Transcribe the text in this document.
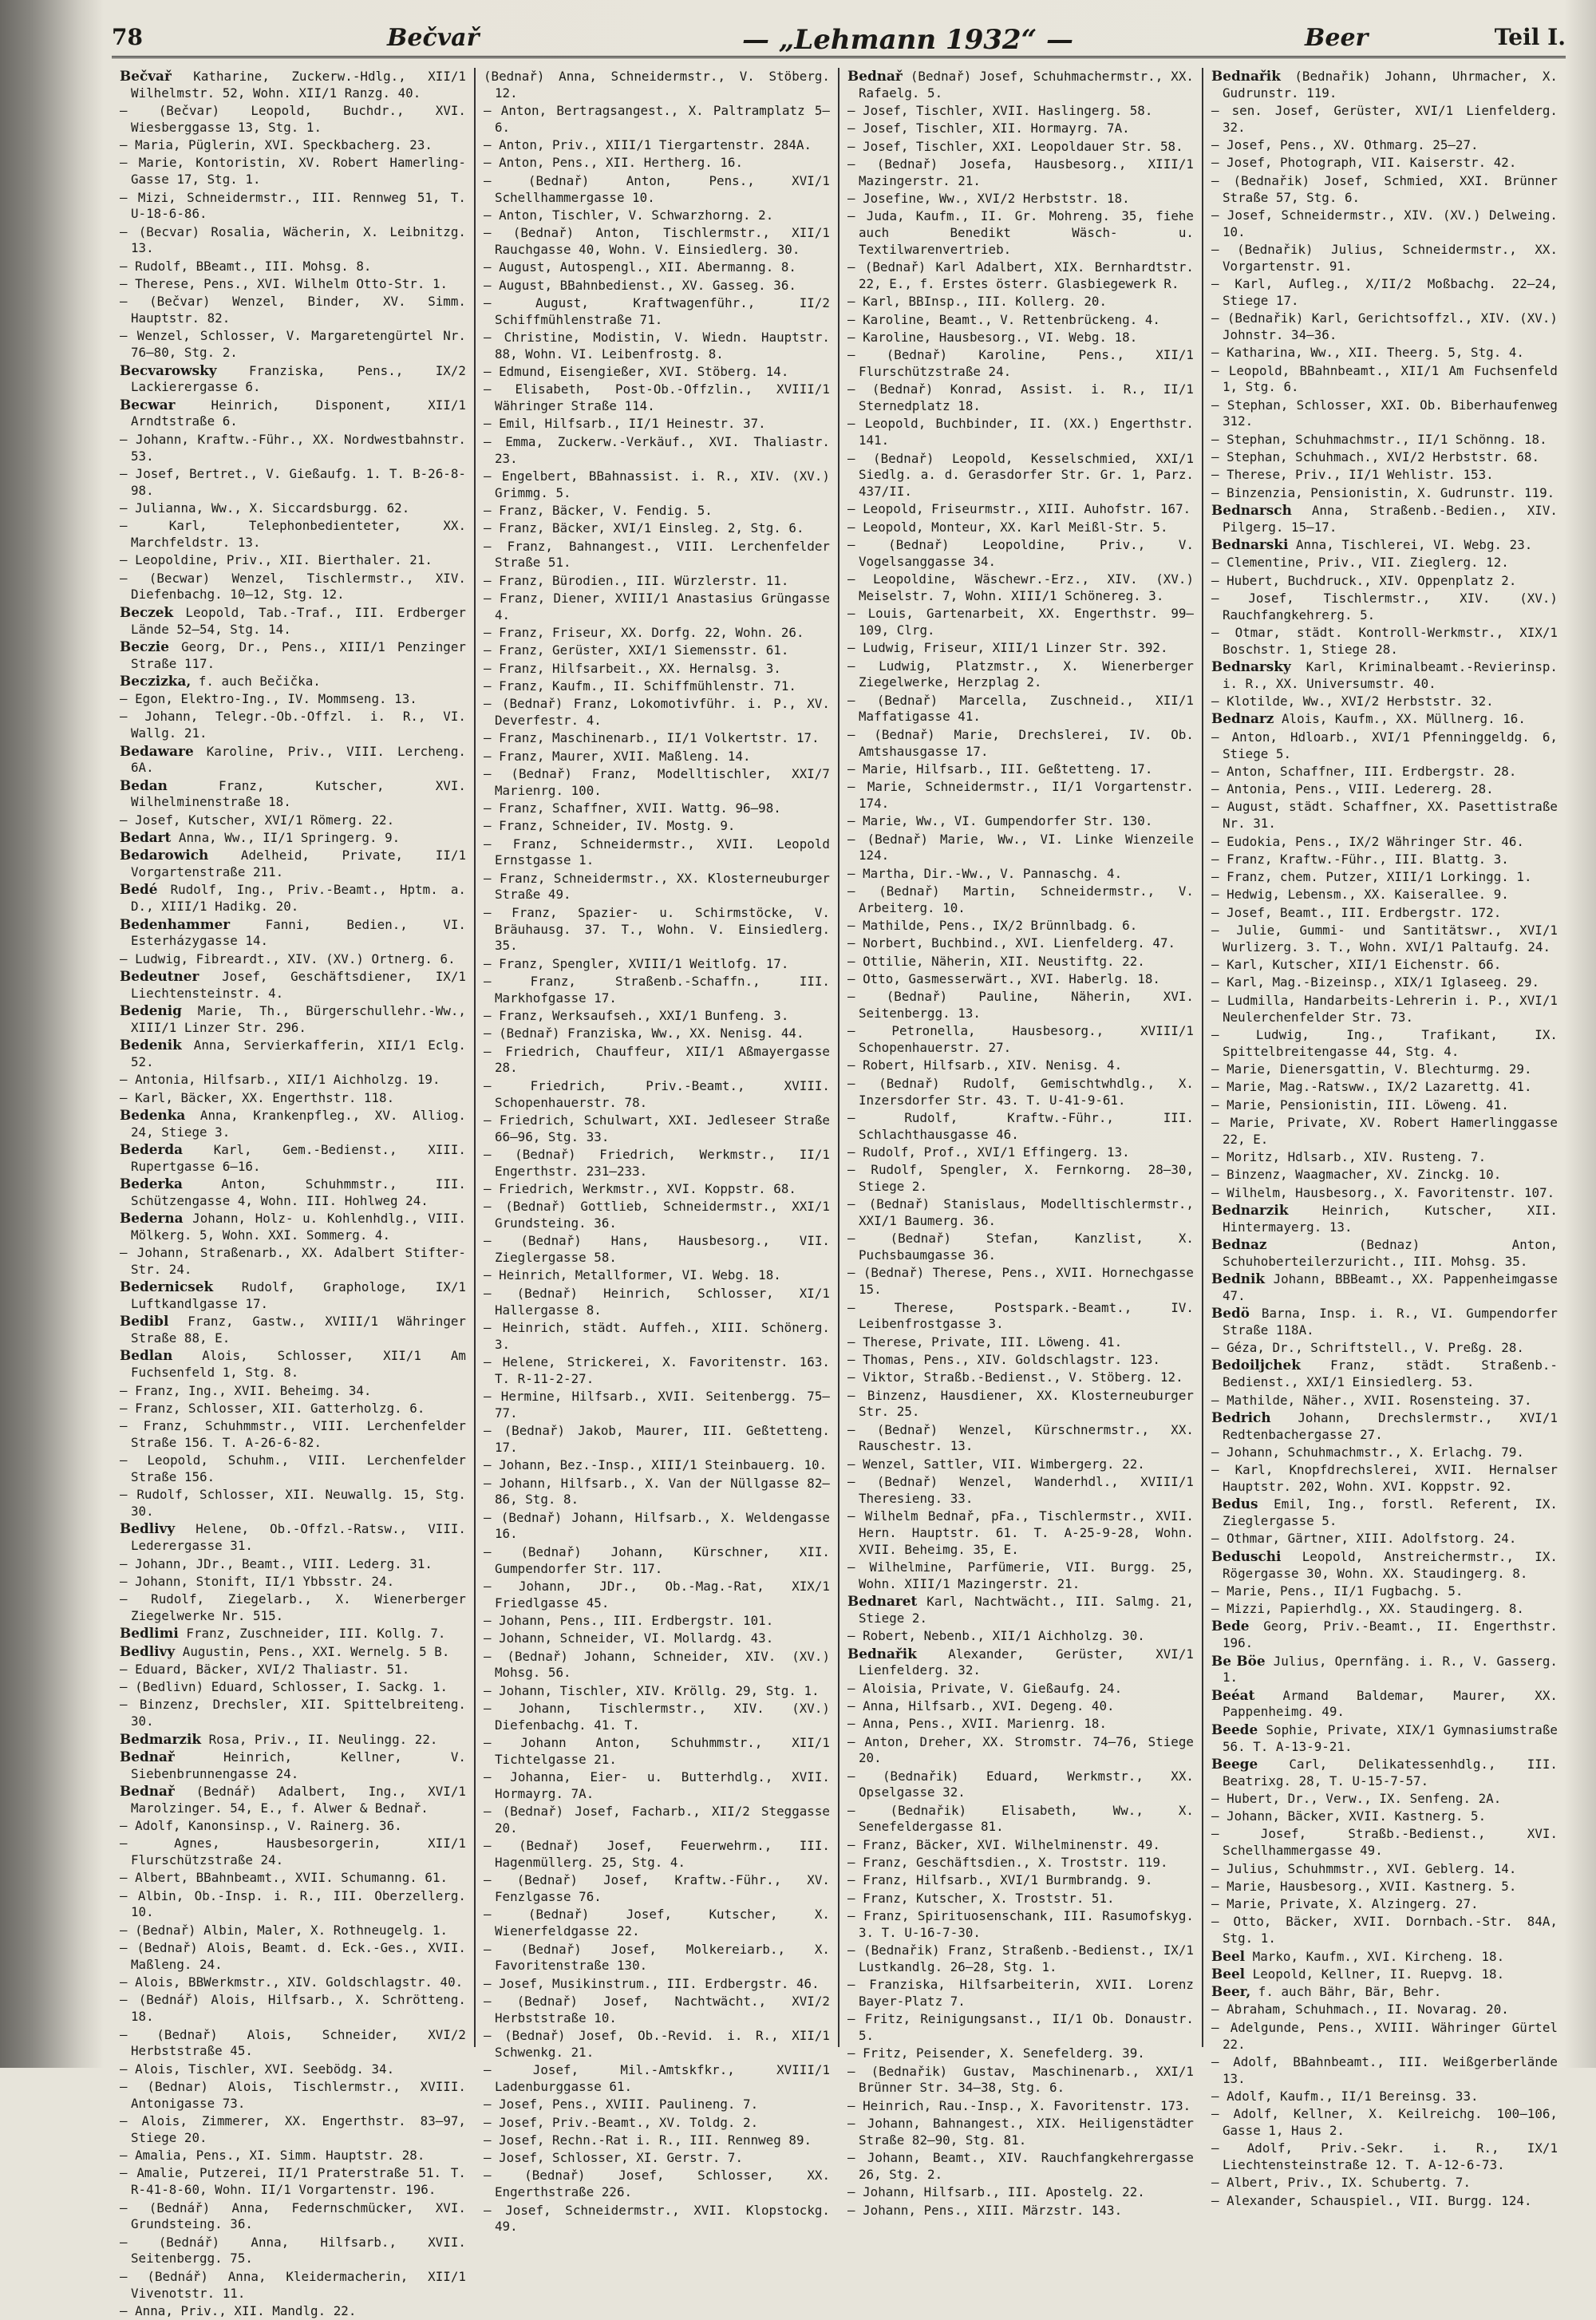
78	Bečvař	— „Lehmann 1932“ —	Beer	Teil I.

Bečvař Katharine, Zuckerw.-Hdlg., XII/1 Wilhelmstr. 52, Wohn. XII/1 Ranzg. 40.

— (Bečvar) Leopold, Buchdr., XVI. Wiesberggasse 13, Stg. 1.

— Maria, Püglerin, XVI. Speckbacherg. 23.

— Marie, Kontoristin, XV. Robert Hamerling-Gasse 17, Stg. 1.

— Mizi, Schneidermstr., III. Rennweg 51, T. U-18-6-86.

— (Becvar) Rosalia, Wächerin, X. Leibnitzg. 13.

— Rudolf, BBeamt., III. Mohsg. 8.

— Therese, Pens., XVI. Wilhelm Otto-Str. 1.

— (Bečvar) Wenzel, Binder, XV. Simm. Hauptstr. 82.

— Wenzel, Schlosser, V. Margaretengürtel Nr. 76—80, Stg. 2.

Becvarowsky Franziska, Pens., IX/2 Lackierergasse 6.

Becwar Heinrich, Disponent, XII/1 Arndtstraße 6.

— Johann, Kraftw.-Führ., XX. Nordwestbahnstr. 53.

— Josef, Bertret., V. Gießaufg. 1. T. B-26-8-98.

— Julianna, Ww., X. Siccardsburgg. 62.

— Karl, Telephonbedienteter, XX. Marchfeldstr. 13.

— Leopoldine, Priv., XII. Bierthaler. 21.

— (Becwar) Wenzel, Tischlermstr., XIV. Diefenbachg. 10—12, Stg. 12.

Beczek Leopold, Tab.-Traf., III. Erdberger Lände 52—54, Stg. 14.

Beczie Georg, Dr., Pens., XIII/1 Penzinger Straße 117.

Beczizka, f. auch Bečička.

— Egon, Elektro-Ing., IV. Mommseng. 13.

— Johann, Telegr.-Ob.-Offzl. i. R., VI. Wallg. 21.

Bedaware Karoline, Priv., VIII. Lercheng. 6A.

Bedan Franz, Kutscher, XVI. Wilhelminenstraße 18.

— Josef, Kutscher, XVI/1 Römerg. 22.

Bedart Anna, Ww., II/1 Springerg. 9.

Bedarowich Adelheid, Private, II/1 Vorgartenstraße 211.

Bedé Rudolf, Ing., Priv.-Beamt., Hptm. a. D., XIII/1 Hadikg. 20.

Bedenhammer Fanni, Bedien., VI. Esterházygasse 14.

— Ludwig, Fibreardt., XIV. (XV.) Ortnerg. 6.

Bedeutner Josef, Geschäftsdiener, IX/1 Liechtensteinstr. 4.

Bedenig Marie, Th., Bürgerschullehr.-Ww., XIII/1 Linzer Str. 296.

Bedenik Anna, Servierkafferin, XII/1 Eclg. 52.

— Antonia, Hilfsarb., XII/1 Aichholzg. 19.

— Karl, Bäcker, XX. Engerthstr. 118.

Bedenka Anna, Krankenpfleg., XV. Alliog. 24, Stiege 3.

Bederda Karl, Gem.-Bedienst., XIII. Rupertgasse 6—16.

Bederka Anton, Schuhmmstr., III. Schützengasse 4, Wohn. III. Hohlweg 24.

Bederna Johann, Holz- u. Kohlenhdlg., VIII. Mölkerg. 5, Wohn. XXI. Sommerg. 4.

— Johann, Straßenarb., XX. Adalbert Stifter-Str. 24.

Bedernicsek Rudolf, Graphologe, IX/1 Luftkandlgasse 17.

Bedibl Franz, Gastw., XVIII/1 Währinger Straße 88, E.

Bedlan Alois, Schlosser, XII/1 Am Fuchsenfeld 1, Stg. 8.

— Franz, Ing., XVII. Beheimg. 34.

— Franz, Schlosser, XII. Gatterholzg. 6.

— Franz, Schuhmmstr., VIII. Lerchenfelder Straße 156. T. A-26-6-82.

— Leopold, Schuhm., VIII. Lerchenfelder Straße 156.

— Rudolf, Schlosser, XII. Neuwallg. 15, Stg. 30.

Bedlivy Helene, Ob.-Offzl.-Ratsw., VIII. Lederergasse 31.

— Johann, JDr., Beamt., VIII. Lederg. 31.

— Johann, Stonift, II/1 Ybbsstr. 24.

— Rudolf, Ziegelarb., X. Wienerberger Ziegelwerke Nr. 515.

Bedlimi Franz, Zuschneider, III. Kollg. 7.

Bedlivy Augustin, Pens., XXI. Wernelg. 5 B.

— Eduard, Bäcker, XVI/2 Thaliastr. 51.

— (Bedlivn) Eduard, Schlosser, I. Sackg. 1.

— Binzenz, Drechsler, XII. Spittelbreiteng. 30.

Bedmarzik Rosa, Priv., II. Neulingg. 22.

Bednař Heinrich, Kellner, V. Siebenbrunnengasse 24.

Bednař (Bednář) Adalbert, Ing., XVI/1 Marolzinger. 54, E., f. Alwer & Bednař.

— Adolf, Kanonsinsp., V. Rainerg. 36.

— Agnes, Hausbesorgerin, XII/1 Flurschützstraße 24.

— Albert, BBahnbeamt., XVII. Schumanng. 61.

— Albin, Ob.-Insp. i. R., III. Oberzellerg. 10.

— (Bednař) Albin, Maler, X. Rothneugelg. 1.

— (Bednař) Alois, Beamt. d. Eck.-Ges., XVII. Maßleng. 24.

— Alois, BBWerkmstr., XIV. Goldschlagstr. 40.

— (Bednář) Alois, Hilfsarb., X. Schrötteng. 18.

— (Bednař) Alois, Schneider, XVI/2 Herbststraße 45.

— Alois, Tischler, XVI. Seebödg. 34.

— (Bednar) Alois, Tischlermstr., XVIII. Antonigasse 73.

— Alois, Zimmerer, XX. Engerthstr. 83—97, Stiege 20.

— Amalia, Pens., XI. Simm. Hauptstr. 28.

— Amalie, Putzerei, II/1 Praterstraße 51. T. R-41-8-60, Wohn. II/1 Vorgartenstr. 196.

— (Bednář) Anna, Federnschmücker, XVI. Grundsteing. 36.

— (Bednář) Anna, Hilfsarb., XVII. Seitenbergg. 75.

— (Bednář) Anna, Kleidermacherin, XII/1 Vivenotstr. 11.

— Anna, Priv., XII. Mandlg. 22.

(Bednař) Anna, Schneidermstr., V. Stöberg. 12.

— Anton, Bertragsangest., X. Paltramplatz 5—6.

— Anton, Priv., XIII/1 Tiergartenstr. 284A.

— Anton, Pens., XII. Hertherg. 16.

— (Bednař) Anton, Pens., XVI/1 Schellhammergasse 10.

— Anton, Tischler, V. Schwarzhorng. 2.

— (Bednař) Anton, Tischlermstr., XII/1 Rauchgasse 40, Wohn. V. Einsiedlerg. 30.

— August, Autospengl., XII. Abermanng. 8.

— August, BBahnbedienst., XV. Gasseg. 36.

— August, Kraftwagenführ., II/2 Schiffmühlenstraße 71.

— Christine, Modistin, V. Wiedn. Hauptstr. 88, Wohn. VI. Leibenfrostg. 8.

— Edmund, Eisengießer, XVI. Stöberg. 14.

— Elisabeth, Post-Ob.-Offzlin., XVIII/1 Währinger Straße 114.

— Emil, Hilfsarb., II/1 Heinestr. 37.

— Emma, Zuckerw.-Verkäuf., XVI. Thaliastr. 23.

— Engelbert, BBahnassist. i. R., XIV. (XV.) Grimmg. 5.

— Franz, Bäcker, V. Fendig. 5.

— Franz, Bäcker, XVI/1 Einsleg. 2, Stg. 6.

— Franz, Bahnangest., VIII. Lerchenfelder Straße 51.

— Franz, Bürodien., III. Würzlerstr. 11.

— Franz, Diener, XVIII/1 Anastasius Grüngasse 4.

— Franz, Friseur, XX. Dorfg. 22, Wohn. 26.

— Franz, Gerüster, XXI/1 Siemensstr. 61.

— Franz, Hilfsarbeit., XX. Hernalsg. 3.

— Franz, Kaufm., II. Schiffmühlenstr. 71.

— (Bednař) Franz, Lokomotivführ. i. P., XV. Deverfestr. 4.

— Franz, Maschinenarb., II/1 Volkertstr. 17.

— Franz, Maurer, XVII. Maßleng. 14.

— (Bednař) Franz, Modelltischler, XXI/7 Marienrg. 100.

— Franz, Schaffner, XVII. Wattg. 96—98.

— Franz, Schneider, IV. Mostg. 9.

— Franz, Schneidermstr., XVII. Leopold Ernstgasse 1.

— Franz, Schneidermstr., XX. Klosterneuburger Straße 49.

— Franz, Spazier- u. Schirmstöcke, V. Bräuhausg. 37. T., Wohn. V. Einsiedlerg. 35.

— Franz, Spengler, XVIII/1 Weitlofg. 17.

— Franz, Straßenb.-Schaffn., III. Markhofgasse 17.

— Franz, Werksaufseh., XXI/1 Bunfeng. 3.

— (Bednař) Franziska, Ww., XX. Nenisg. 44.

— Friedrich, Chauffeur, XII/1 Aßmayergasse 28.

— Friedrich, Priv.-Beamt., XVIII. Schopenhauerstr. 78.

— Friedrich, Schulwart, XXI. Jedleseer Straße 66—96, Stg. 33.

— (Bednař) Friedrich, Werkmstr., II/1 Engerthstr. 231—233.

— Friedrich, Werkmstr., XVI. Koppstr. 68.

— (Bednař) Gottlieb, Schneidermstr., XXI/1 Grundsteing. 36.

— (Bednař) Hans, Hausbesorg., VII. Zieglergasse 58.

— Heinrich, Metallformer, VI. Webg. 18.

— (Bednař) Heinrich, Schlosser, XI/1 Hallergasse 8.

— Heinrich, städt. Auffeh., XIII. Schönerg. 3.

— Helene, Strickerei, X. Favoritenstr. 163. T. R-11-2-27.

— Hermine, Hilfsarb., XVII. Seitenbergg. 75—77.

— (Bednař) Jakob, Maurer, III. Geßtetteng. 17.

— Johann, Bez.-Insp., XIII/1 Steinbauerg. 10.

— Johann, Hilfsarb., X. Van der Nüllgasse 82—86, Stg. 8.

— (Bednař) Johann, Hilfsarb., X. Weldengasse 16.

— (Bednař) Johann, Kürschner, XII. Gumpendorfer Str. 117.

— Johann, JDr., Ob.-Mag.-Rat, XIX/1 Friedlgasse 45.

— Johann, Pens., III. Erdbergstr. 101.

— Johann, Schneider, VI. Mollardg. 43.

— (Bednař) Johann, Schneider, XIV. (XV.) Mohsg. 56.

— Johann, Tischler, XIV. Kröllg. 29, Stg. 1.

— Johann, Tischlermstr., XIV. (XV.) Diefenbachg. 41. T.

— Johann Anton, Schuhmmstr., XII/1 Tichtelgasse 21.

— Johanna, Eier- u. Butterhdlg., XVII. Hormayrg. 7A.

— (Bednař) Josef, Facharb., XII/2 Steggasse 20.

— (Bednař) Josef, Feuerwehrm., III. Hagenmüllerg. 25, Stg. 4.

— (Bednař) Josef, Kraftw.-Führ., XV. Fenzlgasse 76.

— (Bednař) Josef, Kutscher, X. Wienerfeldgasse 22.

— (Bednař) Josef, Molkereiarb., X. Favoritenstraße 130.

— Josef, Musikinstrum., III. Erdbergstr. 46.

— (Bednař) Josef, Nachtwächt., XVI/2 Herbststraße 10.

— (Bednař) Josef, Ob.-Revid. i. R., XII/1 Schwenkg. 21.

— Josef, Mil.-Amtskfkr., XVIII/1 Ladenburggasse 61.

— Josef, Pens., XVIII. Paulineng. 7.

— Josef, Priv.-Beamt., XV. Toldg. 2.

— Josef, Rechn.-Rat i. R., III. Rennweg 89.

— Josef, Schlosser, XI. Gerstr. 7.

— (Bednař) Josef, Schlosser, XX. Engerthstraße 226.

— Josef, Schneidermstr., XVII. Klopstockg. 49.

Bednař (Bednař) Josef, Schuhmachermstr., XX. Rafaelg. 5.

— Josef, Tischler, XVII. Haslingerg. 58.

— Josef, Tischler, XII. Hormayrg. 7A.

— Josef, Tischler, XXI. Leopoldauer Str. 58.

— (Bednař) Josefa, Hausbesorg., XIII/1 Mazingerstr. 21.

— Josefine, Ww., XVI/2 Herbststr. 18.

— Juda, Kaufm., II. Gr. Mohreng. 35, fiehe auch Benedikt Wäsch- u. Textilwarenvertrieb.

— (Bednař) Karl Adalbert, XIX. Bernhardtstr. 22, E., f. Erstes österr. Glasbiegewerk R.

— Karl, BBInsp., III. Kollerg. 20.

— Karoline, Beamt., V. Rettenbrückeng. 4.

— Karoline, Hausbesorg., VI. Webg. 18.

— (Bednař) Karoline, Pens., XII/1 Flurschützstraße 24.

— (Bednař) Konrad, Assist. i. R., II/1 Sternedplatz 18.

— Leopold, Buchbinder, II. (XX.) Engerthstr. 141.

— (Bednař) Leopold, Kesselschmied, XXI/1 Siedlg. a. d. Gerasdorfer Str. Gr. 1, Parz. 437/II.

— Leopold, Friseurmstr., XIII. Auhofstr. 167.

— Leopold, Monteur, XX. Karl Meißl-Str. 5.

— (Bednař) Leopoldine, Priv., V. Vogelsanggasse 34.

— Leopoldine, Wäschewr.-Erz., XIV. (XV.) Meiselstr. 7, Wohn. XIII/1 Schönereg. 3.

— Louis, Gartenarbeit, XX. Engerthstr. 99—109, Clrg.

— Ludwig, Friseur, XIII/1 Linzer Str. 392.

— Ludwig, Platzmstr., X. Wienerberger Ziegelwerke, Herzplag 2.

— (Bednař) Marcella, Zuschneid., XII/1 Maffatigasse 41.

— (Bednař) Marie, Drechslerei, IV. Ob. Amtshausgasse 17.

— Marie, Hilfsarb., III. Geßtetteng. 17.

— Marie, Schneidermstr., II/1 Vorgartenstr. 174.

— Marie, Ww., VI. Gumpendorfer Str. 130.

— (Bednař) Marie, Ww., VI. Linke Wienzeile 124.

— Martha, Dir.-Ww., V. Pannaschg. 4.

— (Bednař) Martin, Schneidermstr., V. Arbeiterg. 10.

— Mathilde, Pens., IX/2 Brünnlbadg. 6.

— Norbert, Buchbind., XVI. Lienfelderg. 47.

— Ottilie, Näherin, XII. Neustiftg. 22.

— Otto, Gasmesserwärt., XVI. Haberlg. 18.

— (Bednař) Pauline, Näherin, XVI. Seitenbergg. 13.

— Petronella, Hausbesorg., XVIII/1 Schopenhauerstr. 27.

— Robert, Hilfsarb., XIV. Nenisg. 4.

— (Bednař) Rudolf, Gemischtwhdlg., X. Inzersdorfer Str. 43. T. U-41-9-61.

— Rudolf, Kraftw.-Führ., III. Schlachthausgasse 46.

— Rudolf, Prof., XVI/1 Effingerg. 13.

— Rudolf, Spengler, X. Fernkorng. 28—30, Stiege 2.

— (Bednař) Stanislaus, Modelltischlermstr., XXI/1 Baumerg. 36.

— (Bednař) Stefan, Kanzlist, X. Puchsbaumgasse 36.

— (Bednař) Therese, Pens., XVII. Hornechgasse 15.

— Therese, Postspark.-Beamt., IV. Leibenfrostgasse 3.

— Therese, Private, III. Löweng. 41.

— Thomas, Pens., XIV. Goldschlagstr. 123.

— Viktor, Straßb.-Bedienst., V. Stöberg. 12.

— Binzenz, Hausdiener, XX. Klosterneuburger Str. 25.

— (Bednař) Wenzel, Kürschnermstr., XX. Rauschestr. 13.

— Wenzel, Sattler, VII. Wimbergerg. 22.

— (Bednař) Wenzel, Wanderhdl., XVIII/1 Theresieng. 33.

— Wilhelm Bednař, pFa., Tischlermstr., XVII. Hern. Hauptstr. 61. T. A-25-9-28, Wohn. XVII. Beheimg. 35, E.

— Wilhelmine, Parfümerie, VII. Burgg. 25, Wohn. XIII/1 Mazingerstr. 21.

Bednaret Karl, Nachtwächt., III. Salmg. 21, Stiege 2.

— Robert, Nebenb., XII/1 Aichholzg. 30.

Bednařik Alexander, Gerüster, XVI/1 Lienfelderg. 32.

— Aloisia, Private, V. Gießaufg. 24.

— Anna, Hilfsarb., XVI. Degeng. 40.

— Anna, Pens., XVII. Marienrg. 18.

— Anton, Dreher, XX. Stromstr. 74—76, Stiege 20.

— (Bednařik) Eduard, Werkmstr., XX. Opselgasse 32.

— (Bednařik) Elisabeth, Ww., X. Senefeldergasse 81.

— Franz, Bäcker, XVI. Wilhelminenstr. 49.

— Franz, Geschäftsdien., X. Troststr. 119.

— Franz, Hilfsarb., XVI/1 Burmbrandg. 9.

— Franz, Kutscher, X. Troststr. 51.

— Franz, Spirituosenschank, III. Rasumofskyg. 3. T. U-16-7-30.

— (Bednařik) Franz, Straßenb.-Bedienst., IX/1 Lustkandlg. 26—28, Stg. 1.

— Franziska, Hilfsarbeiterin, XVII. Lorenz Bayer-Platz 7.

— Fritz, Reinigungsanst., II/1 Ob. Donaustr. 5.

— Fritz, Peisender, X. Senefelderg. 39.

— (Bednařik) Gustav, Maschinenarb., XXI/1 Brünner Str. 34—38, Stg. 6.

— Heinrich, Rau.-Insp., X. Favoritenstr. 173.

— Johann, Bahnangest., XIX. Heiligenstädter Straße 82—90, Stg. 81.

— Johann, Beamt., XIV. Rauchfangkehrergasse 26, Stg. 2.

— Johann, Hilfsarb., III. Apostelg. 22.

— Johann, Pens., XIII. Märzstr. 143.

Bednařik (Bednařik) Johann, Uhrmacher, X. Gudrunstr. 119.

— sen. Josef, Gerüster, XVI/1 Lienfelderg. 32.

— Josef, Pens., XV. Othmarg. 25—27.

— Josef, Photograph, VII. Kaiserstr. 42.

— (Bednařik) Josef, Schmied, XXI. Brünner Straße 57, Stg. 6.

— Josef, Schneidermstr., XIV. (XV.) Delweing. 10.

— (Bednařik) Julius, Schneidermstr., XX. Vorgartenstr. 91.

— Karl, Aufleg., X/II/2 Moßbachg. 22—24, Stiege 17.

— (Bednařik) Karl, Gerichtsoffzl., XIV. (XV.) Johnstr. 34—36.

— Katharina, Ww., XII. Theerg. 5, Stg. 4.

— Leopold, BBahnbeamt., XII/1 Am Fuchsenfeld 1, Stg. 6.

— Stephan, Schlosser, XXI. Ob. Biberhaufenweg 312.

— Stephan, Schuhmachmstr., II/1 Schönng. 18.

— Stephan, Schuhmach., XVI/2 Herbststr. 68.

— Therese, Priv., II/1 Wehlistr. 153.

— Binzenzia, Pensionistin, X. Gudrunstr. 119.

Bednarsch Anna, Straßenb.-Bedien., XIV. Pilgerg. 15—17.

Bednarski Anna, Tischlerei, VI. Webg. 23.

— Clementine, Priv., VII. Zieglerg. 12.

— Hubert, Buchdruck., XIV. Oppenplatz 2.

— Josef, Tischlermstr., XIV. (XV.) Rauchfangkehrerg. 5.

— Otmar, städt. Kontroll-Werkmstr., XIX/1 Boschstr. 1, Stiege 28.

Bednarsky Karl, Kriminalbeamt.-Revierinsp. i. R., XX. Universumstr. 40.

— Klotilde, Ww., XVI/2 Herbststr. 32.

Bednarz Alois, Kaufm., XX. Müllnerg. 16.

— Anton, Hdloarb., XVI/1 Pfenninggeldg. 6, Stiege 5.

— Anton, Schaffner, III. Erdbergstr. 28.

— Antonia, Pens., VIII. Ledererg. 28.

— August, städt. Schaffner, XX. Pasettistraße Nr. 31.

— Eudokia, Pens., IX/2 Währinger Str. 46.

— Franz, Kraftw.-Führ., III. Blattg. 3.

— Franz, chem. Putzer, XIII/1 Lorkingg. 1.

— Hedwig, Lebensm., XX. Kaiserallee. 9.

— Josef, Beamt., III. Erdbergstr. 172.

— Julie, Gummi- und Santitätswr., XVI/1 Wurlizerg. 3. T., Wohn. XVI/1 Paltaufg. 24.

— Karl, Kutscher, XII/1 Eichenstr. 66.

— Karl, Mag.-Bizeinsp., XIX/1 Iglaseeg. 29.

— Ludmilla, Handarbeits-Lehrerin i. P., XVI/1 Neulerchenfelder Str. 73.

— Ludwig, Ing., Trafikant, IX. Spittelbreitengasse 44, Stg. 4.

— Marie, Dienersgattin, V. Blechturmg. 29.

— Marie, Mag.-Ratsww., IX/2 Lazarettg. 41.

— Marie, Pensionistin, III. Löweng. 41.

— Marie, Private, XV. Robert Hamerlinggasse 22, E.

— Moritz, Hdlsarb., XIV. Rusteng. 7.

— Binzenz, Waagmacher, XV. Zinckg. 10.

— Wilhelm, Hausbesorg., X. Favoritenstr. 107.

Bednarzik Heinrich, Kutscher, XII. Hintermayerg. 13.

Bednaz (Bednaz) Anton, Schuhoberteilerzuricht., III. Mohsg. 35.

Bednik Johann, BBBeamt., XX. Pappenheimgasse 47.

Bedö Barna, Insp. i. R., VI. Gumpendorfer Straße 118A.

— Géza, Dr., Schriftstell., V. Preßg. 28.

Bedoiljchek Franz, städt. Straßenb.-Bedienst., XXI/1 Einsiedlerg. 53.

— Mathilde, Näher., XVII. Rosensteing. 37.

Bedrich Johann, Drechslermstr., XVI/1 Redtenbachergasse 27.

— Johann, Schuhmachmstr., X. Erlachg. 79.

— Karl, Knopfdrechslerei, XVII. Hernalser Hauptstr. 202, Wohn. XVI. Koppstr. 92.

Bedus Emil, Ing., forstl. Referent, IX. Zieglergasse 5.

— Othmar, Gärtner, XIII. Adolfstorg. 24.

Beduschi Leopold, Anstreichermstr., IX. Rögergasse 30, Wohn. XX. Staudingerg. 8.

— Marie, Pens., II/1 Fugbachg. 5.

— Mizzi, Papierhdlg., XX. Staudingerg. 8.

Bede Georg, Priv.-Beamt., II. Engerthstr. 196.

Be Böe Julius, Opernfäng. i. R., V. Gasserg. 1.

Beéat Armand Baldemar, Maurer, XX. Pappenheimg. 49.

Beede Sophie, Private, XIX/1 Gymnasiumstraße 56. T. A-13-9-21.

Beege Carl, Delikatessenhdlg., III. Beatrixg. 28, T. U-15-7-57.

— Hubert, Dr., Verw., IX. Senfeng. 2A.

— Johann, Bäcker, XVII. Kastnerg. 5.

— Josef, Straßb.-Bedienst., XVI. Schellhammergasse 49.

— Julius, Schuhmmstr., XVI. Geblerg. 14.

— Marie, Hausbesorg., XVII. Kastnerg. 5.

— Marie, Private, X. Alzingerg. 27.

— Otto, Bäcker, XVII. Dornbach.-Str. 84A, Stg. 1.

Beel Marko, Kaufm., XVI. Kircheng. 18.

Beel Leopold, Kellner, II. Ruepvg. 18.

Beer, f. auch Bähr, Bär, Behr.

— Abraham, Schuhmach., II. Novarag. 20.

— Adelgunde, Pens., XVIII. Währinger Gürtel 22.

— Adolf, BBahnbeamt., III. Weißgerberlände 13.

— Adolf, Kaufm., II/1 Bereinsg. 33.

— Adolf, Kellner, X. Keilreichg. 100—106, Gasse 1, Haus 2.

— Adolf, Priv.-Sekr. i. R., IX/1 Liechtensteinstraße 12. T. A-12-6-73.

— Albert, Priv., IX. Schubertg. 7.

— Alexander, Schauspiel., VII. Burgg. 124.
